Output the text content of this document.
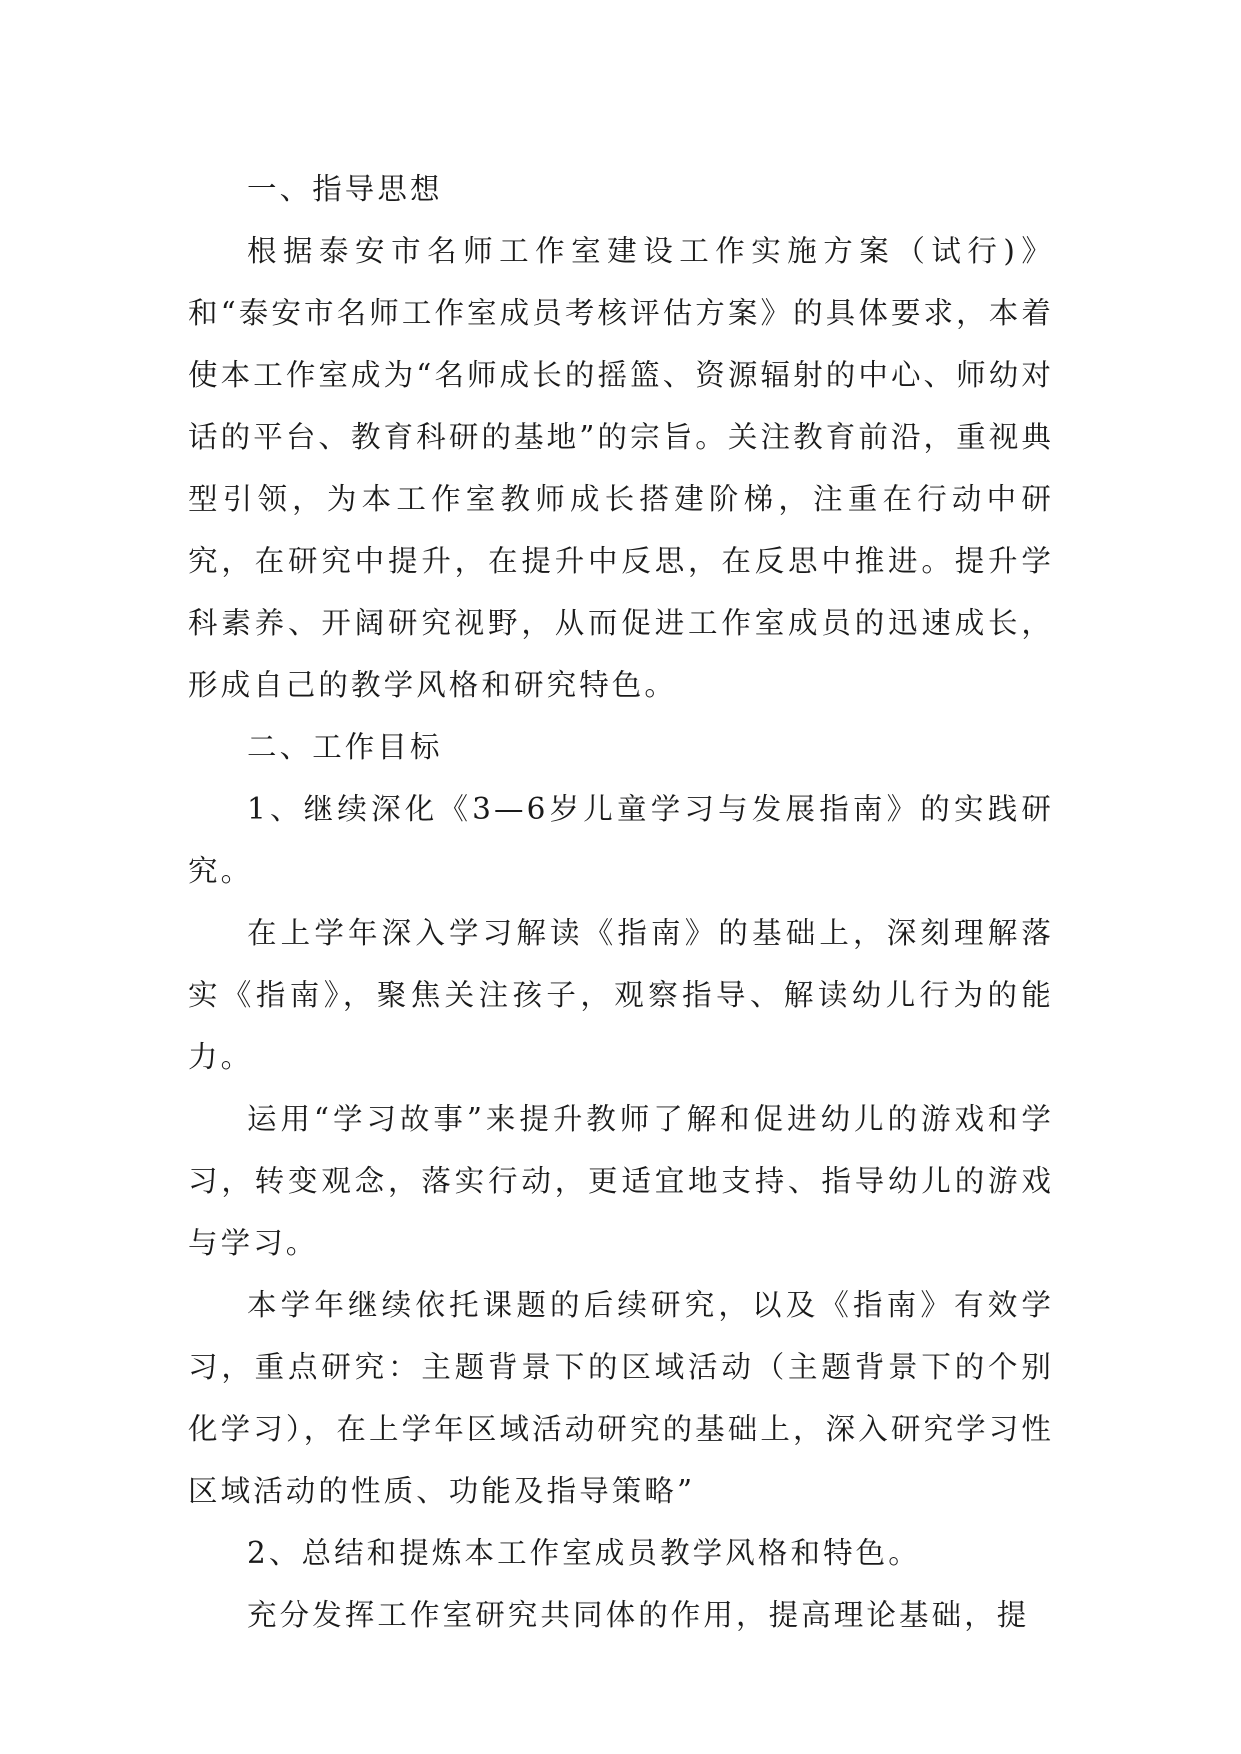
一、指导思想

根据泰安市名师工作室建设工作实施方案（试行)》和“泰安市名师工作室成员考核评估方案》的具体要求，本着使本工作室成为“名师成长的摇篮、资源辐射的中心、师幼对话的平台、教育科研的基地”的宗旨。关注教育前沿，重视典型引领，为本工作室教师成长搭建阶梯，注重在行动中研究，在研究中提升，在提升中反思，在反思中推进。提升学科素养、开阔研究视野，从而促进工作室成员的迅速成长，形成自己的教学风格和研究特色。

二、工作目标

1、继续深化《3—6岁儿童学习与发展指南》的实践研究。

在上学年深入学习解读《指南》的基础上，深刻理解落实《指南》，聚焦关注孩子，观察指导、解读幼儿行为的能力。

运用“学习故事”来提升教师了解和促进幼儿的游戏和学习，转变观念，落实行动，更适宜地支持、指导幼儿的游戏与学习。

本学年继续依托课题的后续研究，以及《指南》有效学习，重点研究：主题背景下的区域活动（主题背景下的个别化学习），在上学年区域活动研究的基础上，深入研究学习性区域活动的性质、功能及指导策略”

2、总结和提炼本工作室成员教学风格和特色。

充分发挥工作室研究共同体的作用，提高理论基础，提
